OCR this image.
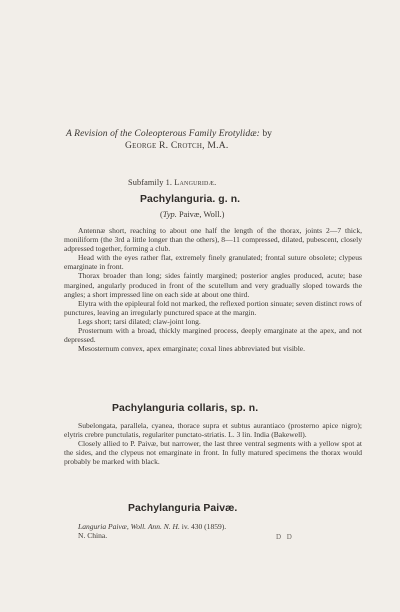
A Revision of the Coleopterous Family Erotylidæ: by
George R. Crotch, M.A.
Subfamily 1. Languridæ.
Pachylanguria. g. n.
(Typ. Paivæ, Woll.)

Antennæ short, reaching to about one half the length of the thorax, joints 2—7 thick, moniliform (the 3rd a little longer than the others), 8—11 compressed, dilated, pubescent, closely adpressed together, forming a club.

Head with the eyes rather flat, extremely finely granulated; frontal suture obsolete; clypeus emarginate in front.

Thorax broader than long; sides faintly margined; posterior angles produced, acute; base margined, angularly produced in front of the scutellum and very gradually sloped towards the angles; a short impressed line on each side at about one third.

Elytra with the epipleural fold not marked, the reflexed portion sinuate; seven distinct rows of punctures, leaving an irregularly punctured space at the margin.

Legs short; tarsi dilated; claw-joint long.

Prosternum with a broad, thickly margined process, deeply emarginate at the apex, and not depressed.

Mesosternum convex, apex emarginate; coxal lines abbreviated but visible.

Pachylanguria collaris, sp. n.

Subelongata, parallela, cyanea, thorace supra et subtus aurantiaco (prosterno apice nigro); elytris crebre punctulatis, regulariter punctato-striatis. L. 3 lin. India (Bakewell).

Closely allied to P. Paivæ, but narrower, the last three ventral segments with a yellow spot at the sides, and the clypeus not emarginate in front. In fully matured specimens the thorax would probably be marked with black.

Pachylanguria Paivæ.

Languria Paivæ, Woll. Ann. N. H. iv. 430 (1859).

N. China.	D D
